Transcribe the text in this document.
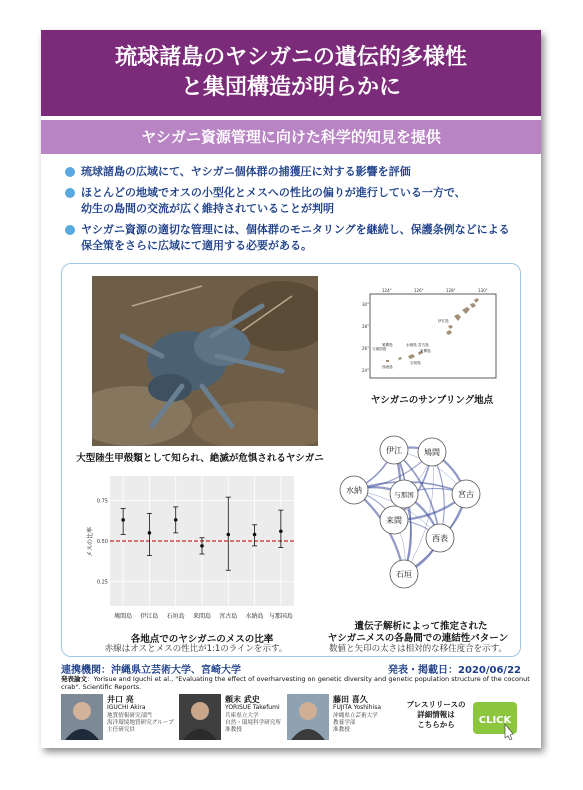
琉球諸島のヤシガニの遺伝的多様性
と集団構造が明らかに
ヤシガニ資源管理に向けた科学的知見を提供
琉球諸島の広域にて、ヤシガニ個体群の捕獲圧に対する影響を評価
ほとんどの地域でオスの小型化とメスへの性比の偏りが進行している一方で、
幼生の島間の交流が広く維持されていることが判明
ヤシガニ資源の適切な管理には、個体群のモニタリングを継続し、保護条例などによる
保全策をさらに広域にて適用する必要がある。
大型陸生甲殻類として知られ、絶滅が危惧されるヤシガニ
124°	126°	128°	130°
30°
28°
26°
24°
伊江島
宮古島
水納島
来間島
与那国島
鳩間島
石垣島
西表島
ヤシガニのサンプリング地点
0.25
0.50
0.75
鳩間島 伊江島 石垣島 来間島 宮古島 水納島 与那国島
メスの比率
各地点でのヤシガニのメスの比率
伊江	鳩間
水納	与那国	宮古
来間
西表
石垣
連携機関：沖縄県立芸術大学、宮崎大学	発表・掲載日：2020/06/22
発表論文：Yorisue and Iguchi et al., "Evaluating the effect of overharvesting on genetic diversity and genetic population structure of the coconut crab". Scientific Reports.
井口 亮
IGUCHI Akira
地質情報研究部門
海洋環境地質研究グループ
主任研究員
頼末 武史
YORISUE Takefumi
兵庫県立大学
自然・環境科学研究所
准教授
藤田 喜久
FUJITA Yoshihisa
沖縄県立芸術大学
教養学部
准教授
プレスリリースの
詳細情報は
こちらから	CLICK
赤線はオスとメスの性比が1:1のラインを示す。
遺伝子解析によって推定された
ヤシガニメスの各島間での連結性パターン
数値と矢印の太さは相対的な移住度合を示す。
